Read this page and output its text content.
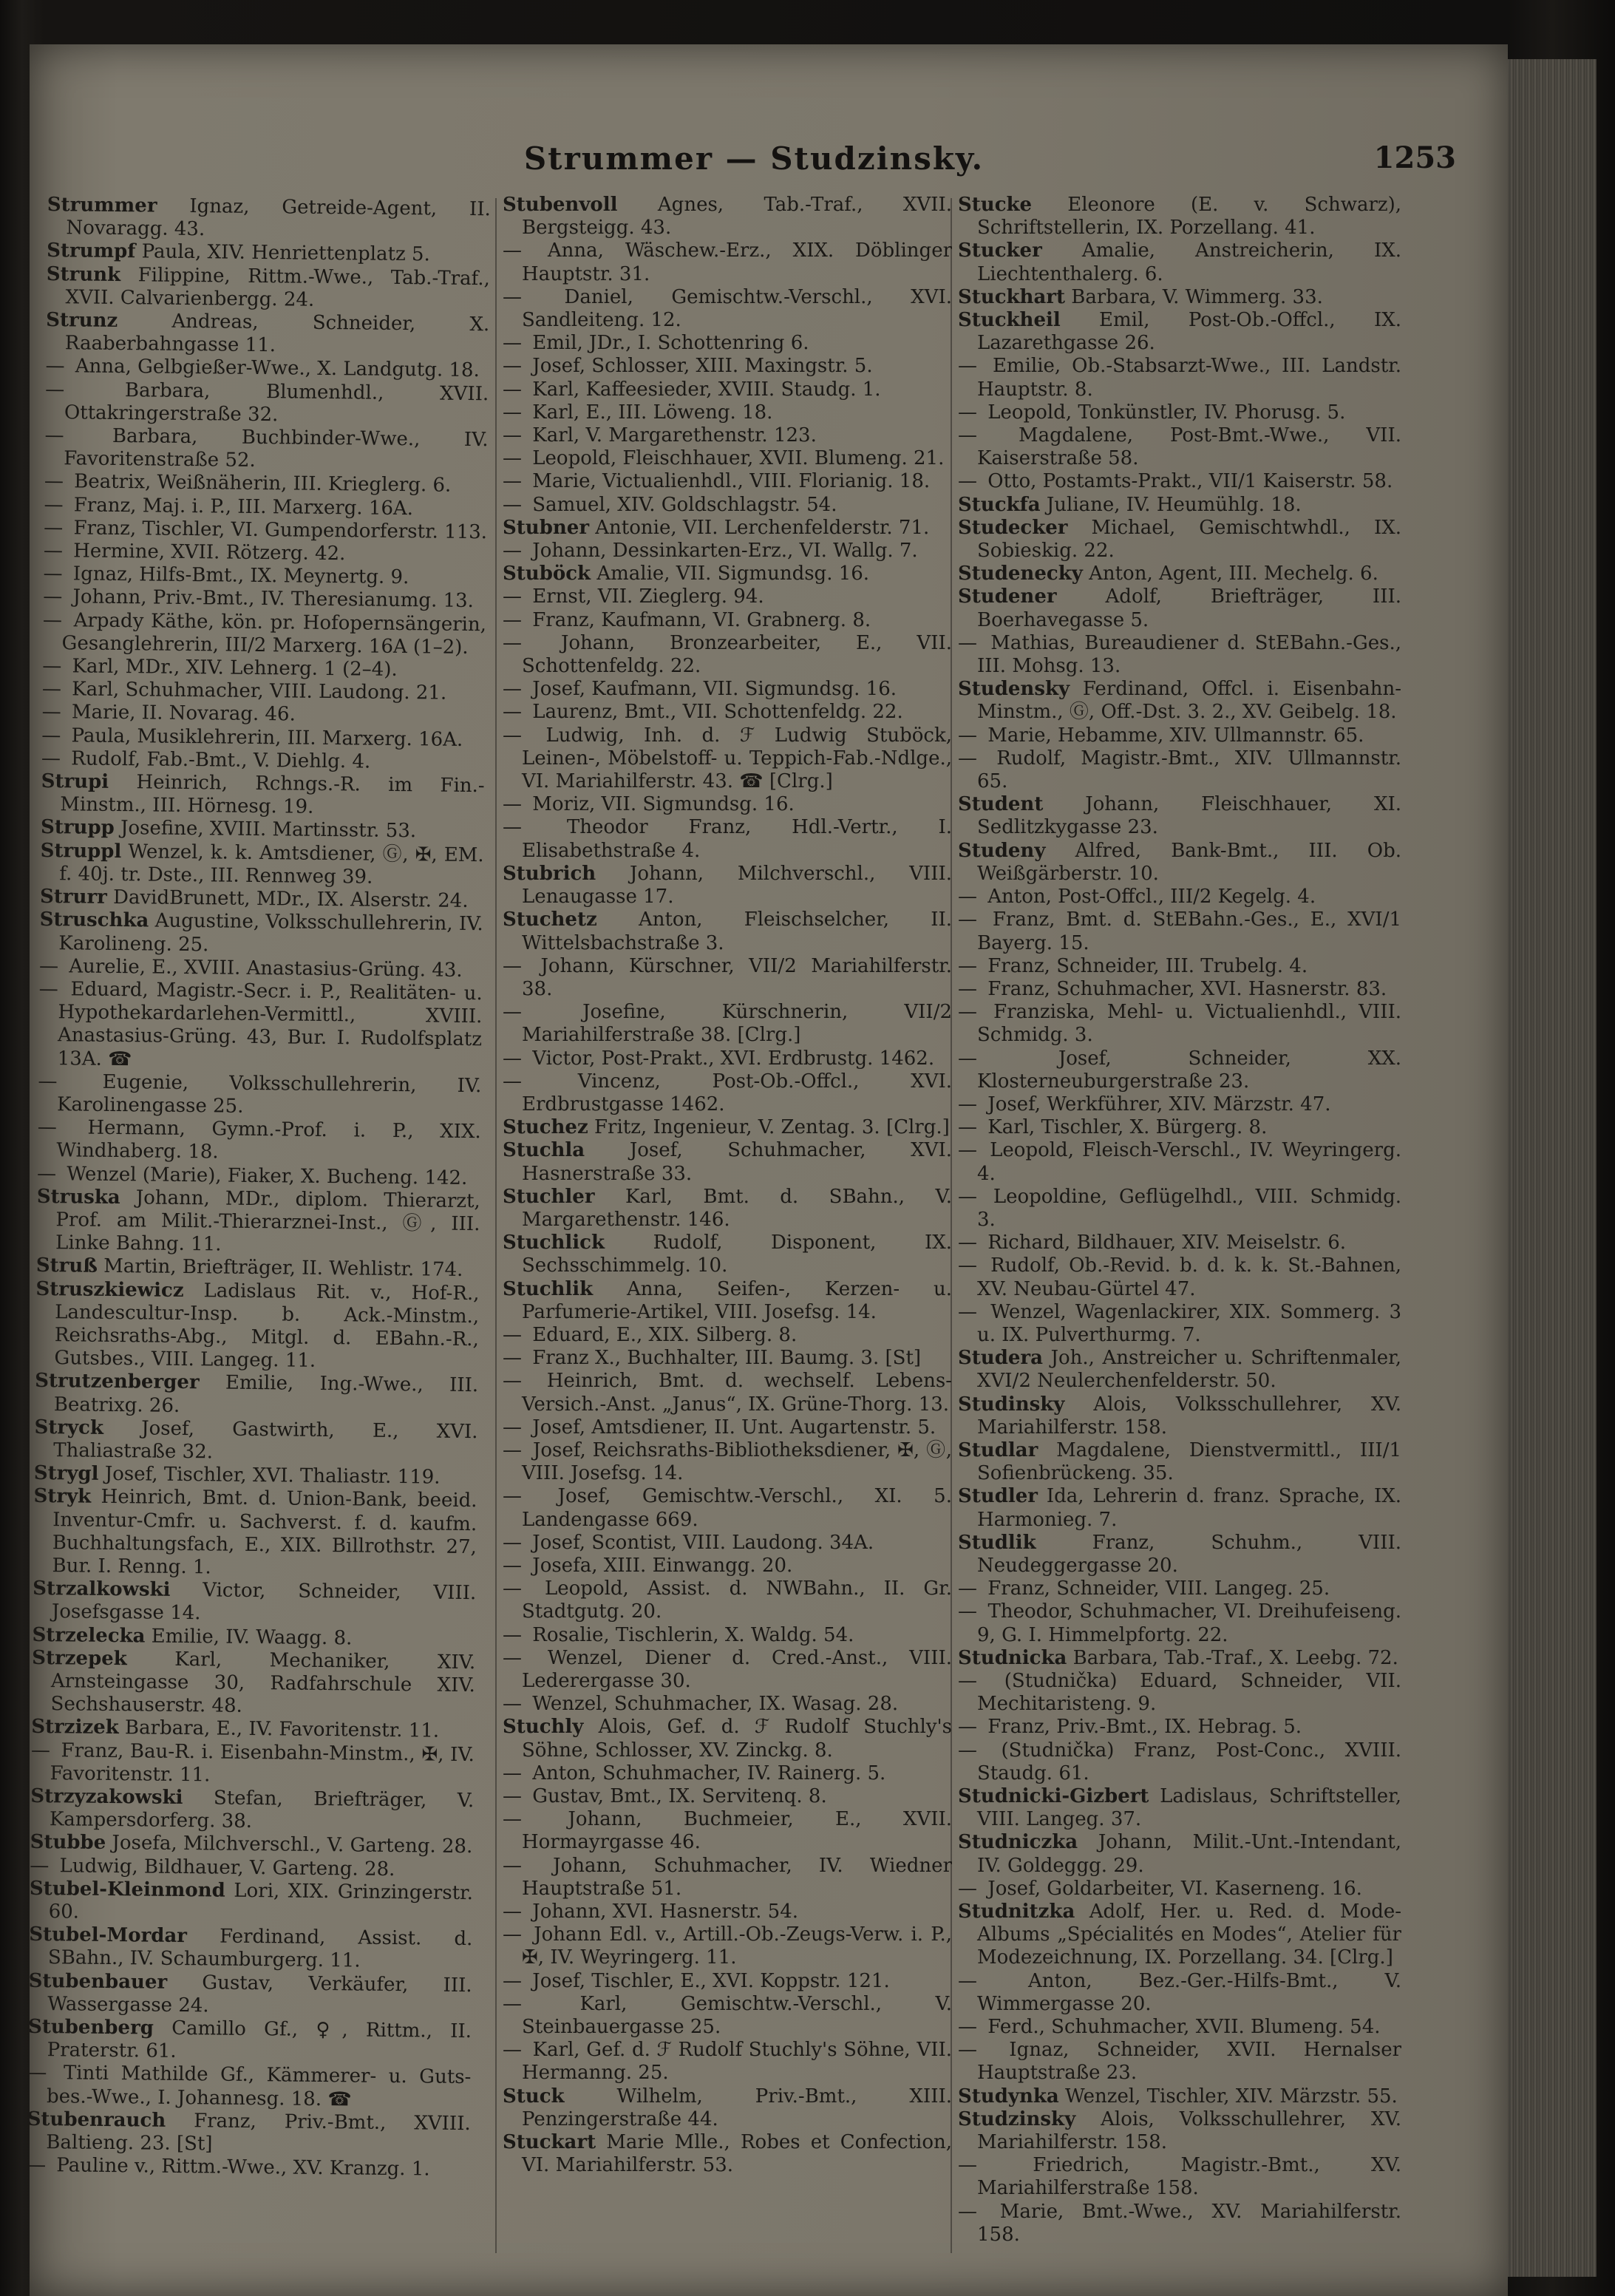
Strummer — Studzinsky.	1253

Strummer Ignaz, Getreide-Agent, II. Novaragg. 43.

Strumpf Paula, XIV. Henriettenplatz 5.

Strunk Filippine, Rittm.-Wwe., Tab.-Traf., XVII. Calvarienbergg. 24.

Strunz	Andreas, Schneider, X. Raaberbahngasse 11.

— Anna, Gelbgießer-Wwe., X. Landgutg. 18.

—	Barbara, Blumenhdl., XVII. Ottakringerstraße 32.

—	Barbara, Buchbinder-Wwe., IV. Favoritenstraße 52.

— Beatrix, Weißnäherin, III. Krieglerg. 6.

— Franz, Maj. i. P., III. Marxerg. 16A.

— Franz, Tischler, VI. Gumpendorferstr. 113.

— Hermine, XVII. Rötzerg. 42.

— Ignaz, Hilfs-Bmt., IX. Meynertg. 9.

— Johann, Priv.-Bmt., IV. Theresianumg. 13.

— Arpady Käthe, kön. pr. Hofopernsängerin, Gesanglehrerin, III/2 Marxerg. 16A (1–2).

— Karl, MDr., XIV. Lehnerg. 1 (2–4).

— Karl, Schuhmacher, VIII. Laudong. 21.

— Marie, II. Novarag. 46.

— Paula, Musiklehrerin, III. Marxerg. 16A.

— Rudolf, Fab.-Bmt., V. Diehlg. 4.

Strupi Heinrich, Rchngs.-R. im Fin.-Minstm., III. Hörnesg. 19.

Strupp Josefine, XVIII. Martinsstr. 53.

Struppl Wenzel, k. k. Amtsdiener, Ⓖ, ✠, EM. f. 40j. tr. Dste., III. Rennweg 39.

Strurr DavidBrunett, MDr., IX. Alserstr. 24.

Struschka Augustine, Volksschullehrerin, IV. Karolineng. 25.

— Aurelie, E., XVIII. Anastasius-Grüng. 43.

— Eduard, Magistr.-Secr. i. P., Realitäten- u. Hypothekardarlehen-Vermittl., XVIII. Anastasius-Grüng. 43, Bur. I. Rudolfsplatz 13A. ☎

— Eugenie, Volksschullehrerin, IV. Karolinengasse 25.

— Hermann, Gymn.-Prof. i. P., XIX. Windhaberg. 18.

— Wenzel (Marie), Fiaker, X. Bucheng. 142.

Struska Johann, MDr., diplom. Thierarzt, Prof. am Milit.-Thierarznei-Inst., Ⓖ, III. Linke Bahng. 11.

Struß Martin, Briefträger, II. Wehlistr. 174.

Struszkiewicz Ladislaus Rit. v., Hof-R., Landescultur-Insp. b. Ack.-Minstm., Reichsraths-Abg., Mitgl. d. EBahn.-R., Gutsbes., VIII. Langeg. 11.

Strutzenberger Emilie, Ing.-Wwe., III. Beatrixg. 26.

Stryck Josef, Gastwirth, E., XVI. Thaliastraße 32.

Strygl Josef, Tischler, XVI. Thaliastr. 119.

Stryk Heinrich, Bmt. d. Union-Bank, beeid. Inventur-Cmfr. u. Sachverst. f. d. kaufm. Buchhaltungsfach, E., XIX. Billrothstr. 27, Bur. I. Renng. 1.

Strzalkowski Victor, Schneider, VIII. Josefsgasse 14.

Strzelecka Emilie, IV. Waagg. 8.

Strzepek Karl, Mechaniker, XIV. Arnsteingasse 30, Radfahrschule XIV. Sechshauserstr. 48.

Strzizek Barbara, E., IV. Favoritenstr. 11.

— Franz, Bau-R. i. Eisenbahn-Minstm., ✠, IV. Favoritenstr. 11.

Strzyzakowski Stefan, Briefträger, V. Kampersdorferg. 38.

Stubbe Josefa, Milchverschl., V. Garteng. 28.

— Ludwig, Bildhauer, V. Garteng. 28.

Stubel-Kleinmond Lori, XIX. Grinzingerstr. 60.

Stubel-Mordar Ferdinand, Assist. d. SBahn., IV. Schaumburgerg. 11.

Stubenbauer Gustav, Verkäufer, III. Wassergasse 24.

Stubenberg Camillo Gf., ♀, Rittm., II. Praterstr. 61.

— Tinti Mathilde Gf., Kämmerer- u. Guts-bes.-Wwe., I. Johannesg. 18. ☎

Stubenrauch Franz, Priv.-Bmt., XVIII. Baltieng. 23. [St]

— Pauline v., Rittm.-Wwe., XV. Kranzg. 1.

Stubenvoll Agnes, Tab.-Traf., XVII. Bergsteigg. 43.

— Anna, Wäschew.-Erz., XIX. Döblinger Hauptstr. 31.

— Daniel, Gemischtw.-Verschl., XVI. Sandleiteng. 12.

— Emil, JDr., I. Schottenring 6.

— Josef, Schlosser, XIII. Maxingstr. 5.

— Karl, Kaffeesieder, XVIII. Staudg. 1.

— Karl, E., III. Löweng. 18.

— Karl, V. Margarethenstr. 123.

— Leopold, Fleischhauer, XVII. Blumeng. 21.

— Marie, Victualienhdl., VIII. Florianig. 18.

— Samuel, XIV. Goldschlagstr. 54.

Stubner Antonie, VII. Lerchenfelderstr. 71.

— Johann, Dessinkarten-Erz., VI. Wallg. 7.

Stuböck Amalie, VII. Sigmundsg. 16.

— Ernst, VII. Zieglerg. 94.

— Franz, Kaufmann, VI. Grabnerg. 8.

— Johann, Bronzearbeiter, E., VII. Schottenfeldg. 22.

— Josef, Kaufmann, VII. Sigmundsg. 16.

— Laurenz, Bmt., VII. Schottenfeldg. 22.

— Ludwig, Inh. d. ℱ Ludwig Stuböck, Leinen-, Möbelstoff- u. Teppich-Fab.-Ndlge., VI. Mariahilferstr. 43. ☎ [Clrg.]

— Moriz, VII. Sigmundsg. 16.

— Theodor Franz, Hdl.-Vertr., I. Elisabethstraße 4.

Stubrich Johann, Milchverschl., VIII. Lenaugasse 17.

Stuchetz Anton, Fleischselcher, II. Wittelsbachstraße 3.

— Johann, Kürschner, VII/2 Mariahilferstr. 38.

—	Josefine, Kürschnerin, VII/2 Mariahilferstraße 38. [Clrg.]

— Victor, Post-Prakt., XVI. Erdbrustg. 1462.

—	Vincenz, Post-Ob.-Offcl., XVI. Erdbrustgasse 1462.

Stuchez Fritz, Ingenieur, V. Zentag. 3. [Clrg.]

Stuchla Josef, Schuhmacher, XVI. Hasnerstraße 33.

Stuchler Karl, Bmt. d. SBahn., V. Margarethenstr. 146.

Stuchlick	Rudolf, Disponent, IX. Sechsschimmelg. 10.

Stuchlik Anna, Seifen-, Kerzen- u. Parfumerie-Artikel, VIII. Josefsg. 14.

— Eduard, E., XIX. Silberg. 8.

— Franz X., Buchhalter, III. Baumg. 3. [St]

— Heinrich, Bmt. d. wechself. Lebens-Versich.-Anst. „Janus“, IX. Grüne-Thorg. 13.

— Josef, Amtsdiener, II. Unt. Augartenstr. 5.

— Josef, Reichsraths-Bibliotheksdiener, ✠, Ⓖ, VIII. Josefsg. 14.

— Josef, Gemischtw.-Verschl., XI. 5. Landengasse 669.

— Josef, Scontist, VIII. Laudong. 34A.

— Josefa, XIII. Einwangg. 20.

— Leopold, Assist. d. NWBahn., II. Gr. Stadtgutg. 20.

— Rosalie, Tischlerin, X. Waldg. 54.

— Wenzel, Diener d. Cred.-Anst., VIII. Lederergasse 30.

— Wenzel, Schuhmacher, IX. Wasag. 28.

Stuchly Alois, Gef. d. ℱ Rudolf Stuchly's Söhne, Schlosser, XV. Zinckg. 8.

— Anton, Schuhmacher, IV. Rainerg. 5.

— Gustav, Bmt., IX. Servitenq. 8.

— Johann, Buchmeier, E., XVII. Hormayrgasse 46.

— Johann, Schuhmacher, IV. Wiedner Hauptstraße 51.

— Johann, XVI. Hasnerstr. 54.

— Johann Edl. v., Artill.-Ob.-Zeugs-Verw. i. P., ✠, IV. Weyringerg. 11.

— Josef, Tischler, E., XVI. Koppstr. 121.

—	Karl, Gemischtw.-Verschl., V. Steinbauergasse 25.

— Karl, Gef. d. ℱ Rudolf Stuchly's Söhne, VII. Hermanng. 25.

Stuck	Wilhelm, Priv.-Bmt., XIII. Penzingerstraße 44.

Stuckart Marie Mlle., Robes et Confection, VI. Mariahilferstr. 53.

Stucke Eleonore (E. v. Schwarz), Schriftstellerin, IX. Porzellang. 41.

Stucker Amalie, Anstreicherin, IX. Liechtenthalerg. 6.

Stuckhart Barbara, V. Wimmerg. 33.

Stuckheil Emil, Post-Ob.-Offcl., IX. Lazarethgasse 26.

— Emilie, Ob.-Stabsarzt-Wwe., III. Landstr. Hauptstr. 8.

— Leopold, Tonkünstler, IV. Phorusg. 5.

— Magdalene, Post-Bmt.-Wwe., VII. Kaiserstraße 58.

— Otto, Postamts-Prakt., VII/1 Kaiserstr. 58.

Stuckfa Juliane, IV. Heumühlg. 18.

Studecker Michael, Gemischtwhdl., IX. Sobieskig. 22.

Studenecky Anton, Agent, III. Mechelg. 6.

Studener	Adolf, Briefträger, III. Boerhavegasse 5.

— Mathias, Bureaudiener d. StEBahn.-Ges., III. Mohsg. 13.

Studensky Ferdinand, Offcl. i. Eisenbahn-Minstm., Ⓖ, Off.-Dst. 3. 2., XV. Geibelg. 18.

— Marie, Hebamme, XIV. Ullmannstr. 65.

— Rudolf, Magistr.-Bmt., XIV. Ullmannstr. 65.

Student Johann, Fleischhauer, XI. Sedlitzkygasse 23.

Studeny Alfred, Bank-Bmt., III. Ob. Weißgärberstr. 10.

— Anton, Post-Offcl., III/2 Kegelg. 4.

— Franz, Bmt. d. StEBahn.-Ges., E., XVI/1 Bayerg. 15.

— Franz, Schneider, III. Trubelg. 4.

— Franz, Schuhmacher, XVI. Hasnerstr. 83.

— Franziska, Mehl- u. Victualienhdl., VIII. Schmidg. 3.

—	Josef, Schneider, XX. Klosterneuburgerstraße 23.

— Josef, Werkführer, XIV. Märzstr. 47.

— Karl, Tischler, X. Bürgerg. 8.

— Leopold, Fleisch-Verschl., IV. Weyringerg. 4.

— Leopoldine, Geflügelhdl., VIII. Schmidg. 3.

— Richard, Bildhauer, XIV. Meiselstr. 6.

— Rudolf, Ob.-Revid. b. d. k. k. St.-Bahnen, XV. Neubau-Gürtel 47.

— Wenzel, Wagenlackirer, XIX. Sommerg. 3 u. IX. Pulverthurmg. 7.

Studera Joh., Anstreicher u. Schriftenmaler, XVI/2 Neulerchenfelderstr. 50.

Studinsky Alois, Volksschullehrer, XV. Mariahilferstr. 158.

Studlar Magdalene, Dienstvermittl., III/1 Sofienbrückeng. 35.

Studler Ida, Lehrerin d. franz. Sprache, IX. Harmonieg. 7.

Studlik	Franz, Schuhm., VIII. Neudeggergasse 20.

— Franz, Schneider, VIII. Langeg. 25.

— Theodor, Schuhmacher, VI. Dreihufeiseng. 9, G. I. Himmelpfortg. 22.

Studnicka Barbara, Tab.-Traf., X. Leebg. 72.

— (Studnička) Eduard, Schneider, VII. Mechitaristeng. 9.

— Franz, Priv.-Bmt., IX. Hebrag. 5.

— (Studnička) Franz, Post-Conc., XVIII. Staudg. 61.

Studnicki-Gizbert Ladislaus, Schriftsteller, VIII. Langeg. 37.

Studniczka Johann, Milit.-Unt.-Intendant, IV. Goldeggg. 29.

— Josef, Goldarbeiter, VI. Kaserneng. 16.

Studnitzka Adolf, Her. u. Red. d. Mode-Albums „Spécialités en Modes“, Atelier für Modezeichnung, IX. Porzellang. 34. [Clrg.]

—	Anton, Bez.-Ger.-Hilfs-Bmt., V. Wimmergasse 20.

— Ferd., Schuhmacher, XVII. Blumeng. 54.

— Ignaz, Schneider, XVII. Hernalser Hauptstraße 23.

Studynka Wenzel, Tischler, XIV. Märzstr. 55.

Studzinsky Alois, Volksschullehrer, XV. Mariahilferstr. 158.

—	Friedrich, Magistr.-Bmt., XV. Mariahilferstraße 158.

— Marie, Bmt.-Wwe., XV. Mariahilferstr. 158.
